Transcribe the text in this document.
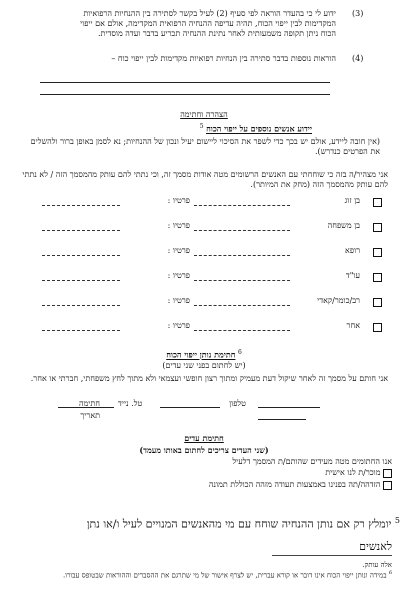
(3)
ידוע לי כי בהעדר הוראה לפי סעיף (2) לעיל בקשר לסתירה בין ההנחיות הרפואיות המקדימות לבין ייפוי הכוח, תהיה עדיפה ההנחיה הרפואית המקדימה, אולם אם ייפוי הכוח ניתן תקופה משמעותית לאחר נתינת ההנחיה תכריע בדבר ועדה מוסדית.
(4)
הוראות נוספות בדבר סתירה בין הנחיות רפואיות מקדימות לבין ייפוי כוח –
הצהרה וחתימה
יידוע אנשים נוספים על ייפוי הכוח $^5$
(אין חובה ליידע, אולם יש בכך כדי לשפר את הסיכוי ליישום יעיל ונכון של ההנחיות; נא לסמן באופן ברור ולהשלים את הפרטים כנדרש).
אני מצהיר/ה בזה כי שוחחתי עם האנשים הרשומים מטה אודות מסמך זה, וכי נתתי להם עותק מהמסמך הזה / לא נתתי להם עותק מהמסמך הזה (מחק את המיותר).
בן זוג
פרטיו :
בן משפחה
פרטיו :
רופא
פרטיו :
עו"ד
פרטיו :
רב/כומר/קאדי
פרטיו :
אחר
פרטיו :
$^6$ חתימת נותן ייפוי הכוח
(יש לחתום בפני שני עדים)
אני חותם על מסמך זה לאחר שיקול דעת מעמיק ומתוך רצון חופשי ועצמאי ולא מתוך לחץ משפחתי, חברתי או אחר.
חתימה	טלפון
טל. נייד
תאריך
חתימת עדים
(שני העדים צריכים לחתום באותו מעמד)
אנו החתומים מטה מעידים שהותם/ת המסמך דלעיל
מוכר/ת לנו אישית
הזדהה/תה בפנינו באמצעות תעודה מזהה הכוללת תמונה
$^5$ יומלץ רק אם נותן ההנחיה שוחח עם מי מהאנשים המנויים לעיל ו/או נתן
לאנשים
אלה עותק.
$^6$ במידה ונותן ייפוי הכוח אינו דובר או קורא עברית, יש לצרף אישור של מי שתרגם את ההסברים וההוראות שבטופס עבורו.
